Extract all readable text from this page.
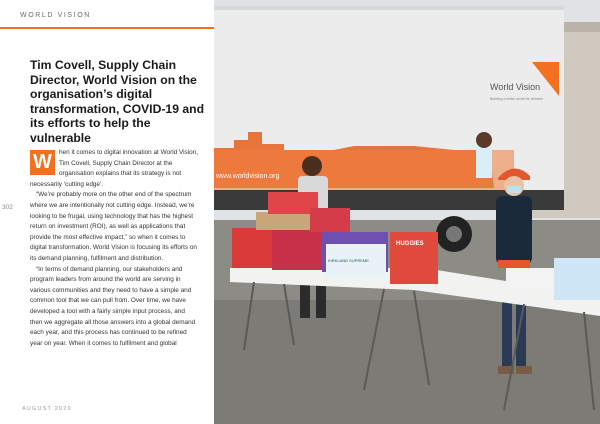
WORLD VISION
Tim Covell, Supply Chain Director, World Vision on the organisation’s digital transformation, COVID-19 and its efforts to help the vulnerable

W	hen it comes to digital innovation at World Vision, Tim Covell, Supply Chain Director at the organisation explains that its strategy is not necessarily ‘cutting edge’.

“We’re probably more on the other end of the spectrum where we are intentionally not cutting edge. Instead, we’re looking to be frugal, using technology that has the highest return on investment (ROI), as well as applications that provide the most effective impact,” so when it comes to digital transformation, World Vision is focusing its efforts on its demand planning, fulfilment and distribution.

“In terms of demand planning, our stakeholders and program leaders from around the world are serving in various communities and they need to have a simple and common tool that we can pull from. Over time, we have developed a tool with a fairly simple input process, and then we aggregate all those answers into a global demand each year, and this process has continued to be refined year on year. When it comes to fulfilment and global

302
AUGUST 2020
World Vision
Building a better world for children
www.worldvision.org
HUGGIES
KIRKLAND SUPREME
